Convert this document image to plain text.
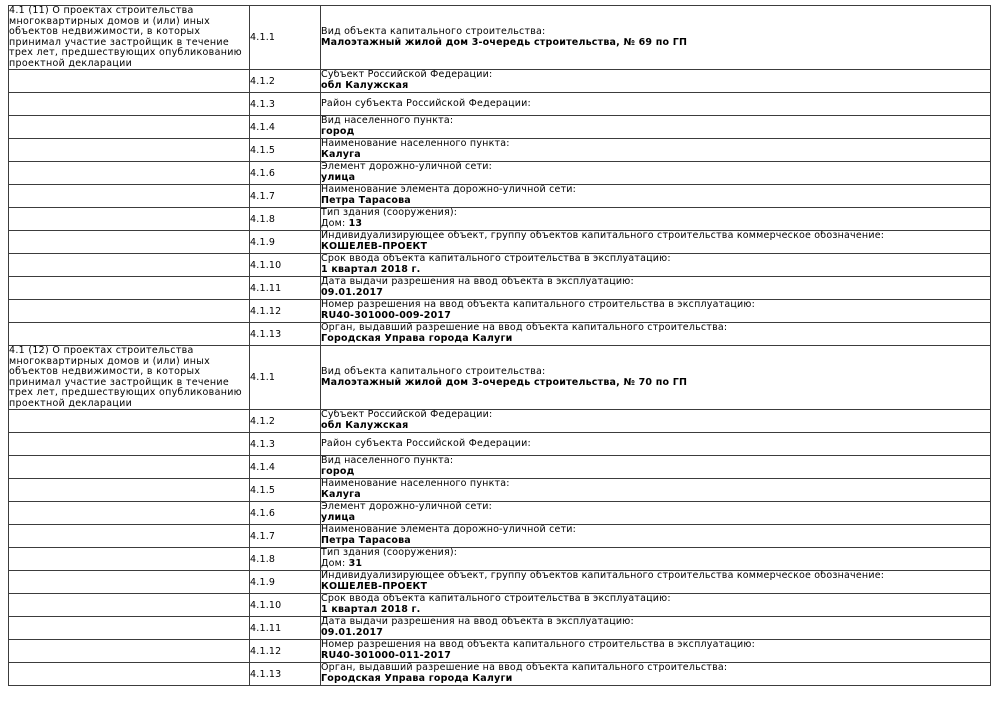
4.1 (11) О проектах строительства многоквартирных домов и (или) иных объектов недвижимости, в которых принимал участие застройщик в течение трех лет, предшествующих опубликованию проектной декларации	4.1.1	Вид объекта капитального строительства:
Малоэтажный жилой дом 3-очередь строительства, № 69 по ГП

	4.1.2	Субъект Российской Федерации:
обл Калужская

	4.1.3	Район субъекта Российской Федерации:

	4.1.4	Вид населенного пункта:
город

	4.1.5	Наименование населенного пункта:
Калуга

	4.1.6	Элемент дорожно-уличной сети:
улица

	4.1.7	Наименование элемента дорожно-уличной сети:
Петра Тарасова

	4.1.8	Тип здания (сооружения):
Дом: 13

	4.1.9	Индивидуализирующее объект, группу объектов капитального строительства коммерческое обозначение:
КОШЕЛЕВ-ПРОЕКТ

	4.1.10	Срок ввода объекта капитального строительства в эксплуатацию:
1 квартал 2018 г.

	4.1.11	Дата выдачи разрешения на ввод объекта в эксплуатацию:
09.01.2017

	4.1.12	Номер разрешения на ввод объекта капитального строительства в эксплуатацию:
RU40-301000-009-2017

	4.1.13	Орган, выдавший разрешение на ввод объекта капитального строительства:
Городская Управа города Калуги

4.1 (12) О проектах строительства многоквартирных домов и (или) иных объектов недвижимости, в которых принимал участие застройщик в течение трех лет, предшествующих опубликованию проектной декларации	4.1.1	Вид объекта капитального строительства:
Малоэтажный жилой дом 3-очередь строительства, № 70 по ГП

	4.1.2	Субъект Российской Федерации:
обл Калужская

	4.1.3	Район субъекта Российской Федерации:

	4.1.4	Вид населенного пункта:
город

	4.1.5	Наименование населенного пункта:
Калуга

	4.1.6	Элемент дорожно-уличной сети:
улица

	4.1.7	Наименование элемента дорожно-уличной сети:
Петра Тарасова

	4.1.8	Тип здания (сооружения):
Дом: 31

	4.1.9	Индивидуализирующее объект, группу объектов капитального строительства коммерческое обозначение:
КОШЕЛЕВ-ПРОЕКТ

	4.1.10	Срок ввода объекта капитального строительства в эксплуатацию:
1 квартал 2018 г.

	4.1.11	Дата выдачи разрешения на ввод объекта в эксплуатацию:
09.01.2017

	4.1.12	Номер разрешения на ввод объекта капитального строительства в эксплуатацию:
RU40-301000-011-2017

	4.1.13	Орган, выдавший разрешение на ввод объекта капитального строительства:
Городская Управа города Калуги
